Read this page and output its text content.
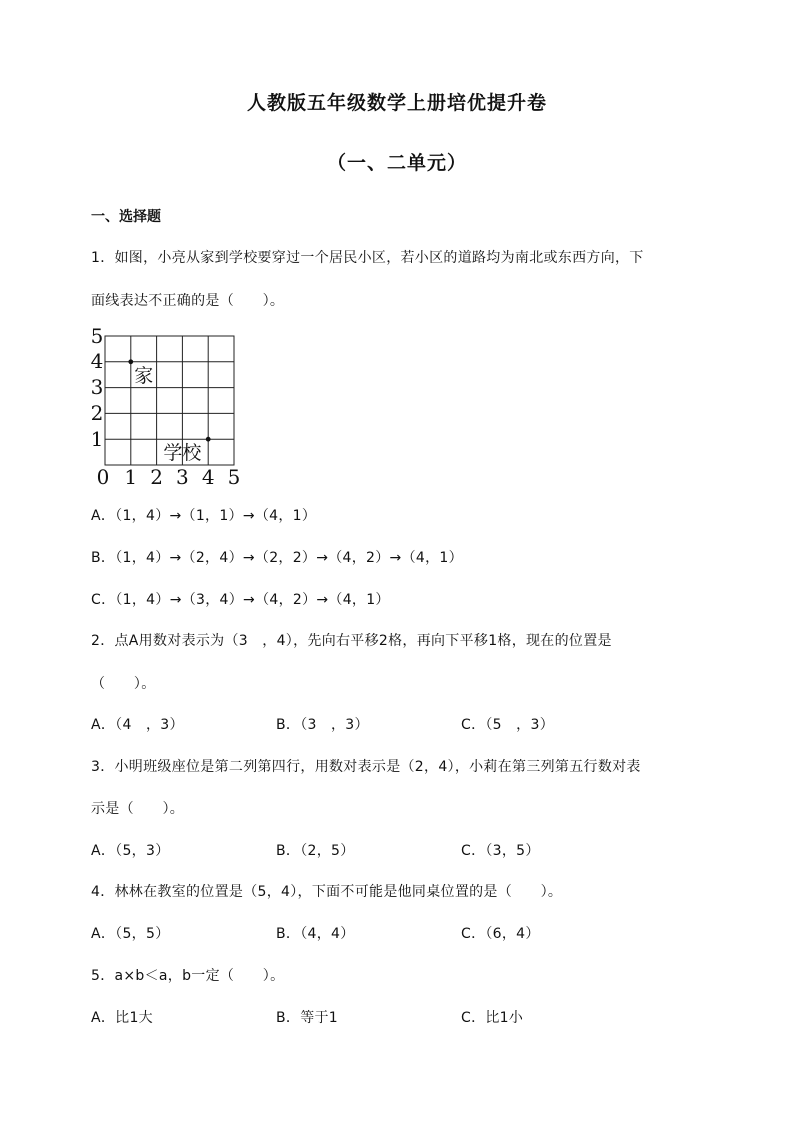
人教版五年级数学上册培优提升卷
（一、二单元）
一、选择题
1．如图，小亮从家到学校要穿过一个居民小区，若小区的道路均为南北或东西方向，下
面线表达不正确的是（　　）。
5
4
3
2
1
0 1 2 3 4 5
家
学校
A．（1，4）→（1，1）→（4，1）
B．（1，4）→（2，4）→（2，2）→（4，2）→（4，1）
C．（1，4）→（3，4）→（4，2）→（4，1）
2．点A用数对表示为（3　，4），先向右平移2格，再向下平移1格，现在的位置是
（　　）。
A．（4　，3）	B．（3　，3）	C．（5　，3）
3．小明班级座位是第二列第四行，用数对表示是（2，4），小莉在第三列第五行数对表
示是（　　）。
A．（5，3）	B．（2，5）	C．（3，5）
4．林林在教室的位置是（5，4），下面不可能是他同桌位置的是（　　）。
A．（5，5）	B．（4，4）	C．（6，4）
5．a×b＜a，b一定（　　）。
A．比1大	B．等于1	C．比1小
